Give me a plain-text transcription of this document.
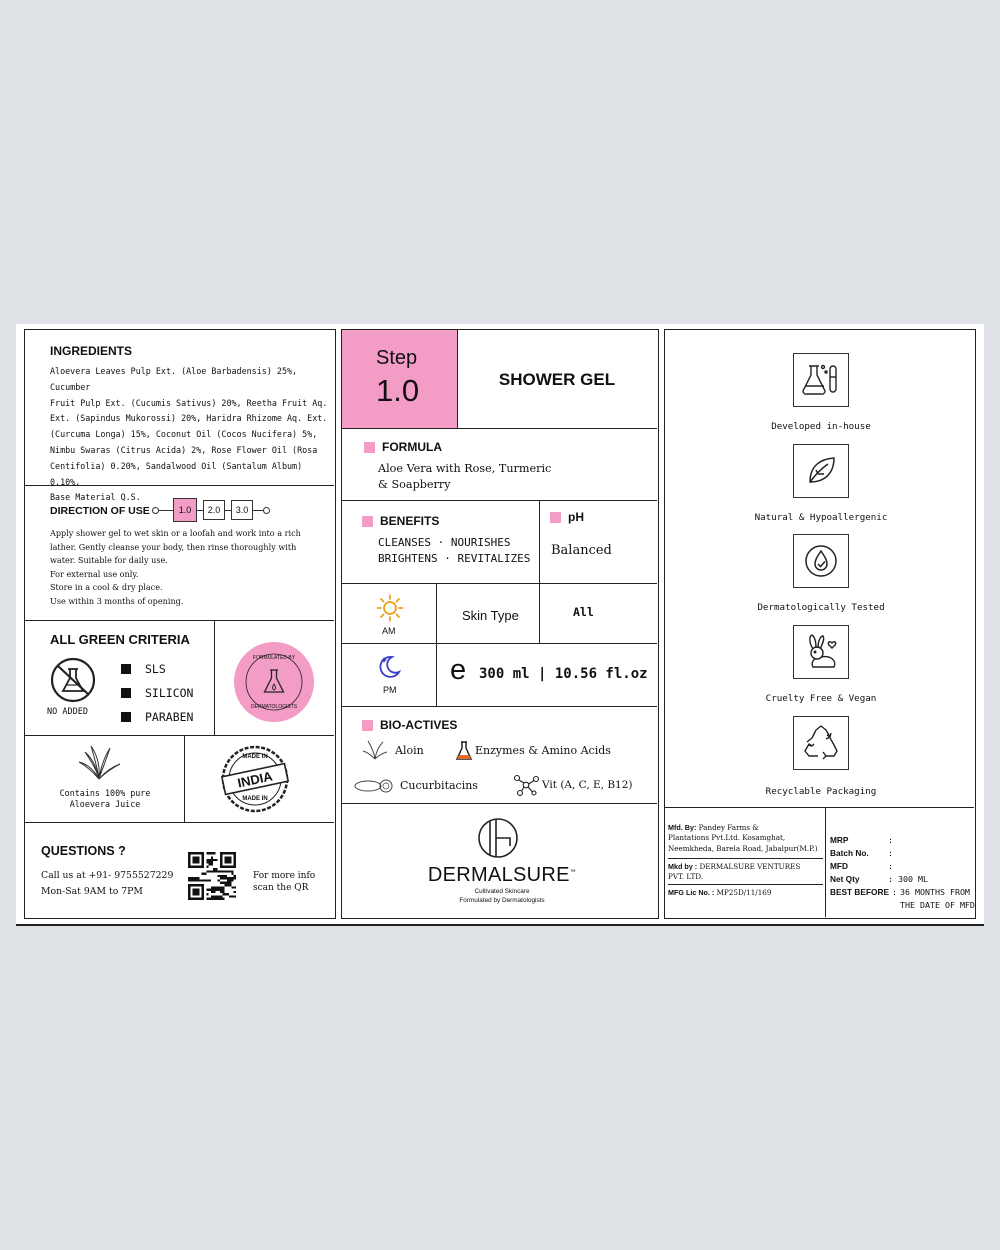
INGREDIENTS
Aloevera Leaves Pulp Ext. (Aloe Barbadensis) 25%, Cucumber
Fruit Pulp Ext. (Cucumis Sativus) 20%, Reetha Fruit Aq.
Ext. (Sapindus Mukorossi) 20%, Haridra Rhizome Aq. Ext.
(Curcuma Longa) 15%, Coconut Oil (Cocos Nucifera) 5%,
Nimbu Swaras (Citrus Acida) 2%, Rose Flower Oil (Rosa
Centifolia) 0.20%, Sandalwood Oil (Santalum Album) 0.10%,
Base Material Q.S.
DIRECTION OF USE	1.0	2.0	3.0
Apply shower gel to wet skin or a loofah and work into a rich
lather. Gently cleanse your body, then rinse thoroughly with
water. Suitable for daily use.
For external use only.
Store in a cool & dry place.
Use within 3 months of opening.
ALL GREEN CRITERIA
NO ADDED
SLS
SILICON
PARABEN
FORMULATED BY
DERMATOLOGISTS
Contains 100% pure
Aloevera Juice
MADE IN
INDIA
MADE IN
QUESTIONS ?
Call us at +91- 9755527229
Mon-Sat 9AM to 7PM
For more info
scan the QR
Step
1.0	SHOWER GEL
FORMULA
Aloe Vera with Rose, Turmeric
& Soapberry
BENEFITS
CLEANSES · NOURISHES
BRIGHTENS · REVITALIZES
pH
Balanced
AM
Skin Type	All
PM
e 300 ml | 10.56 fl.oz
BIO-ACTIVES
Aloin	Enzymes & Amino Acids
Cucurbitacins	Vit (A, C, E, B12)
DERMALSURE™
Cultivated Skincare
Formulated by Dermatologists
Developed in-house
Natural & Hypoallergenic
Dermatologically Tested
Cruelty Free & Vegan
Recyclable Packaging
Mfd. By: Pandey Farms &
Plantations Pvt.Ltd. Kosamghat,
Neemkheda, Barela Road, Jabalpur(M.P.)
Mkd by : DERMALSURE VENTURES
PVT. LTD.
MFG Lic No. : MP25D/11/169
MRP	:
Batch No.	:
MFD	:
Net Qty	: 300 ML
BEST BEFORE : 36 MONTHS FROM
THE DATE OF MFD
